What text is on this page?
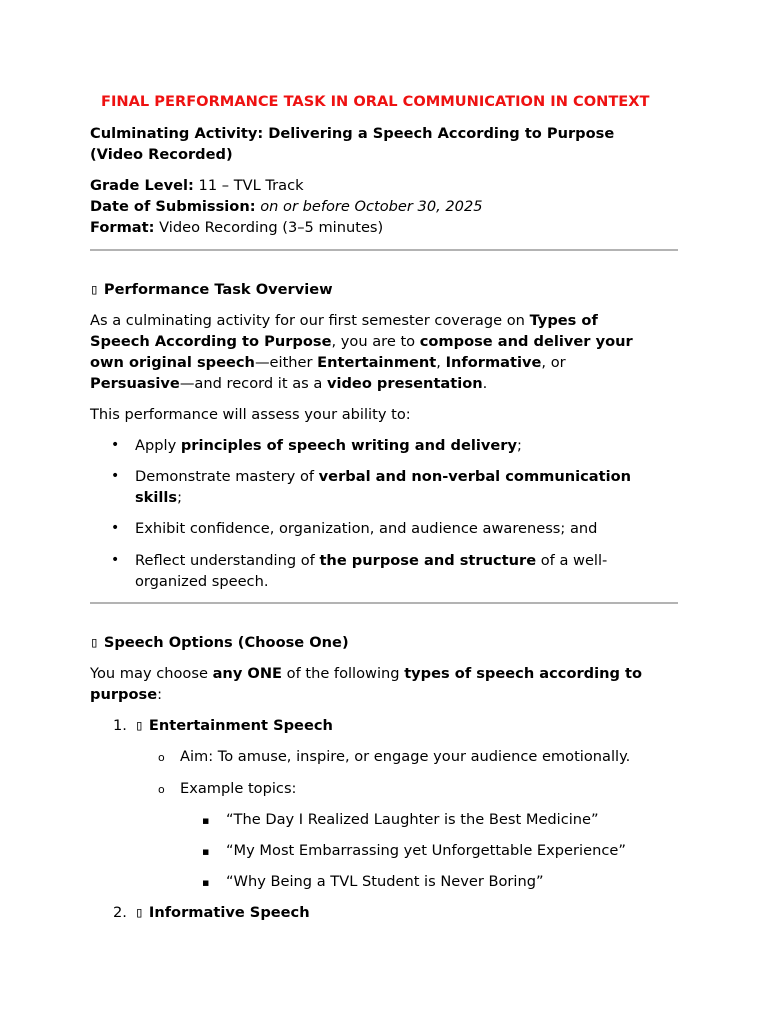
FINAL PERFORMANCE TASK IN ORAL COMMUNICATION IN CONTEXT
Culminating Activity: Delivering a Speech According to Purpose
(Video Recorded)
Grade Level: 11 – TVL Track
Date of Submission: on or before October 30, 2025
Format: Video Recording (3–5 minutes)
▯ Performance Task Overview
As a culminating activity for our first semester coverage on Types of
Speech According to Purpose, you are to compose and deliver your
own original speech—either Entertainment, Informative, or
Persuasive—and record it as a video presentation.
This performance will assess your ability to:
• Apply principles of speech writing and delivery;
• Demonstrate mastery of verbal and non-verbal communication
skills;
• Exhibit confidence, organization, and audience awareness; and
• Reflect understanding of the purpose and structure of a well-
organized speech.
▯ Speech Options (Choose One)
You may choose any ONE of the following types of speech according to
purpose:
1. ▯ Entertainment Speech
o Aim: To amuse, inspire, or engage your audience emotionally.
o Example topics:
▪ “The Day I Realized Laughter is the Best Medicine”
▪ “My Most Embarrassing yet Unforgettable Experience”
▪ “Why Being a TVL Student is Never Boring”
2. ▯ Informative Speech
